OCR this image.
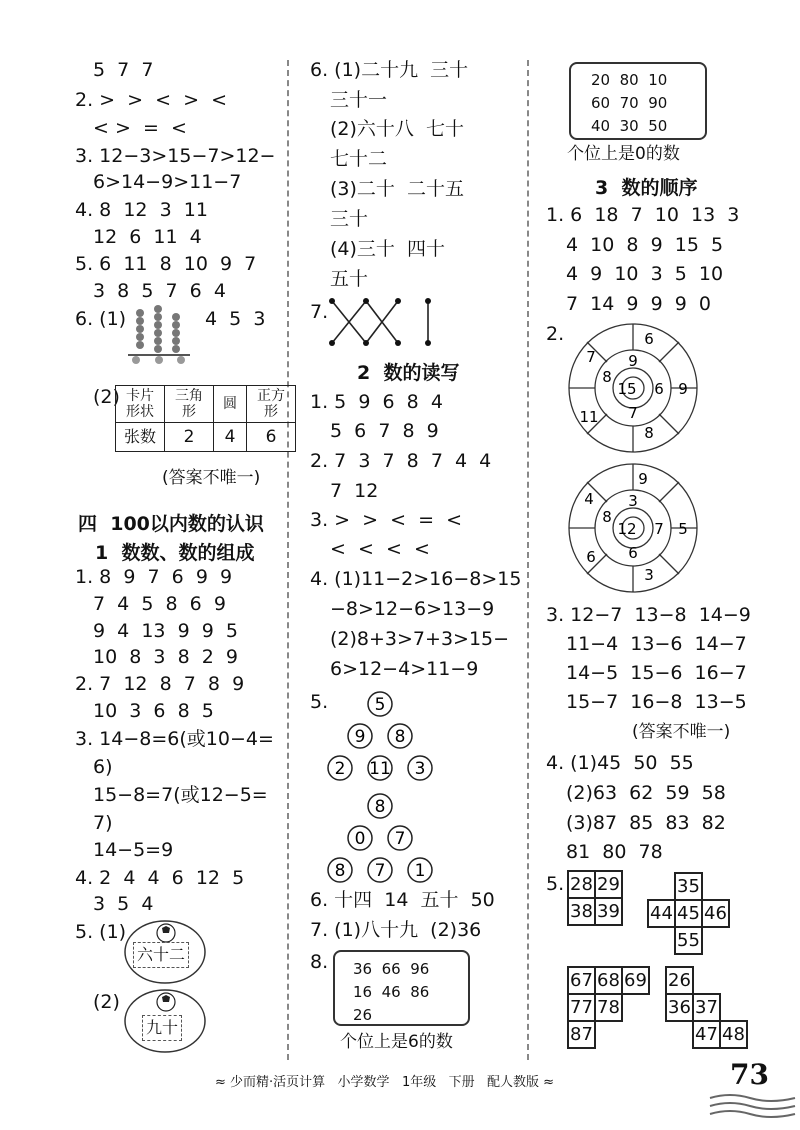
5  7  7
2. >  >  <  >  <
< >  =  <
3. 12−3>15−7>12−
6>14−9>11−7
4. 8  12  3  11
12  6  11  4
5. 6  11  8  10  9  7
3  8  5  7  6  4
6. (1)	4  5  3
(2) 卡片形状	三角形	圆	正方形
张数	2	4	6
(答案不唯一)
四  100以内数的认识
1  数数、数的组成
1. 8  9  7  6  9  9
7  4  5  8  6  9
9  4  13  9  9  5
10  8  3  8  2  9
2. 7  12  8  7  8  9
10  3  6  8  5
3. 14−8=6(或10−4=
6)
15−8=7(或12−5=
7)
14−5=9
4. 2  4  4  6  12  5
3  5  4
5. (1)
六十二
(2)
九十
6. (1)二十九  三十
三十一
(2)六十八  七十
七十二
(3)二十  二十五
三十
(4)三十  四十
五十
7.
2  数的读写
1. 5  9  6  8  4
5  6  7  8  9
2. 7  3  7  8  7  4  4
7  12
3. >  >  <  =  <
<  <  <  <
4. (1)11−2>16−8>15
−8>12−6>13−9
(2)8+3>7+3>15−
6>12−4>11−9
5.	5
9 8
2 11 3
8
0 7
8 7 1
6. 十四  14  五十  50
7. (1)八十九  (2)36
8. 36  66  96
16  46  86
26
个位上是6的数
20  80  10
60  70  90
40  30  50
个位上是0的数
3  数的顺序
1. 6  18  7  10  13  3
4  10  8  9  15  5
4  9  10  3  5  10
7  14  9  9  9  0
2.
15
9
6
7
8
6
9
8
11
7
12
3
7
6
8
9
5
3
6
4
3. 12−7  13−8  14−9
11−4  13−6  14−7
14−5  15−6  16−7
15−7  16−8  13−5
(答案不唯一)
4. (1)45  50  55
(2)63  62  59  58
(3)87  85  83  82
81  80  78
5. 28	29
38	39
	35	
44	45	46
	55	
67	68	69
77	78	
87		
26		
36	37	
	47	48
≈ 少而精·活页计算   小学数学   1年级   下册   配人教版 ≈	73
